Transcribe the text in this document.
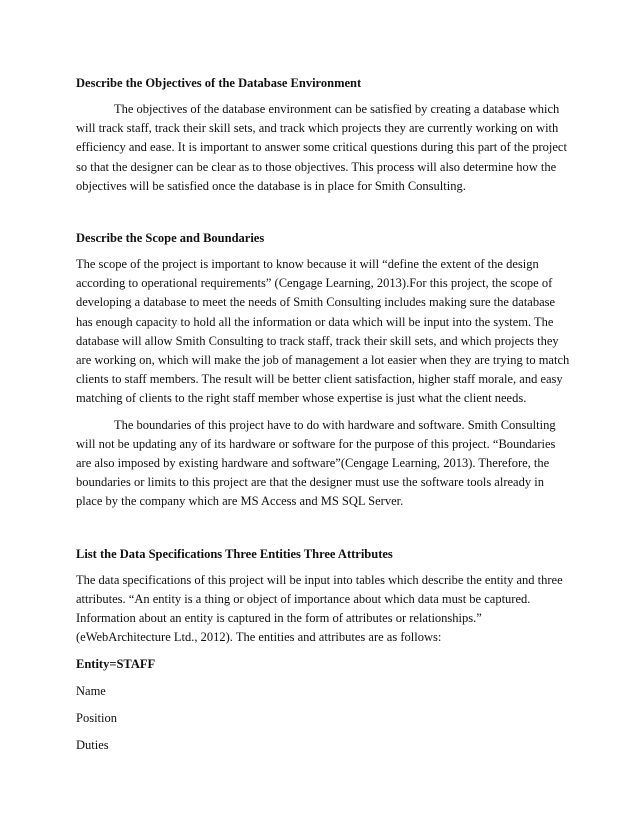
Describe the Objectives of the Database Environment

The objectives of the database environment can be satisfied by creating a database which will track staff, track their skill sets, and track which projects they are currently working on with efficiency and ease. It is important to answer some critical questions during this part of the project so that the designer can be clear as to those objectives. This process will also determine how the objectives will be satisfied once the database is in place for Smith Consulting.

Describe the Scope and Boundaries

The scope of the project is important to know because it will “define the extent of the design according to operational requirements” (Cengage Learning, 2013).For this project, the scope of developing a database to meet the needs of Smith Consulting includes making sure the database has enough capacity to hold all the information or data which will be input into the system. The database will allow Smith Consulting to track staff, track their skill sets, and which projects they are working on, which will make the job of management a lot easier when they are trying to match clients to staff members. The result will be better client satisfaction, higher staff morale, and easy matching of clients to the right staff member whose expertise is just what the client needs.

The boundaries of this project have to do with hardware and software. Smith Consulting will not be updating any of its hardware or software for the purpose of this project. “Boundaries are also imposed by existing hardware and software”(Cengage Learning, 2013). Therefore, the boundaries or limits to this project are that the designer must use the software tools already in place by the company which are MS Access and MS SQL Server.

List the Data Specifications Three Entities Three Attributes

The data specifications of this project will be input into tables which describe the entity and three attributes. “An entity is a thing or object of importance about which data must be captured. Information about an entity is captured in the form of attributes or relationships.” (eWebArchitecture Ltd., 2012). The entities and attributes are as follows:

Entity=STAFF

Name

Position

Duties
